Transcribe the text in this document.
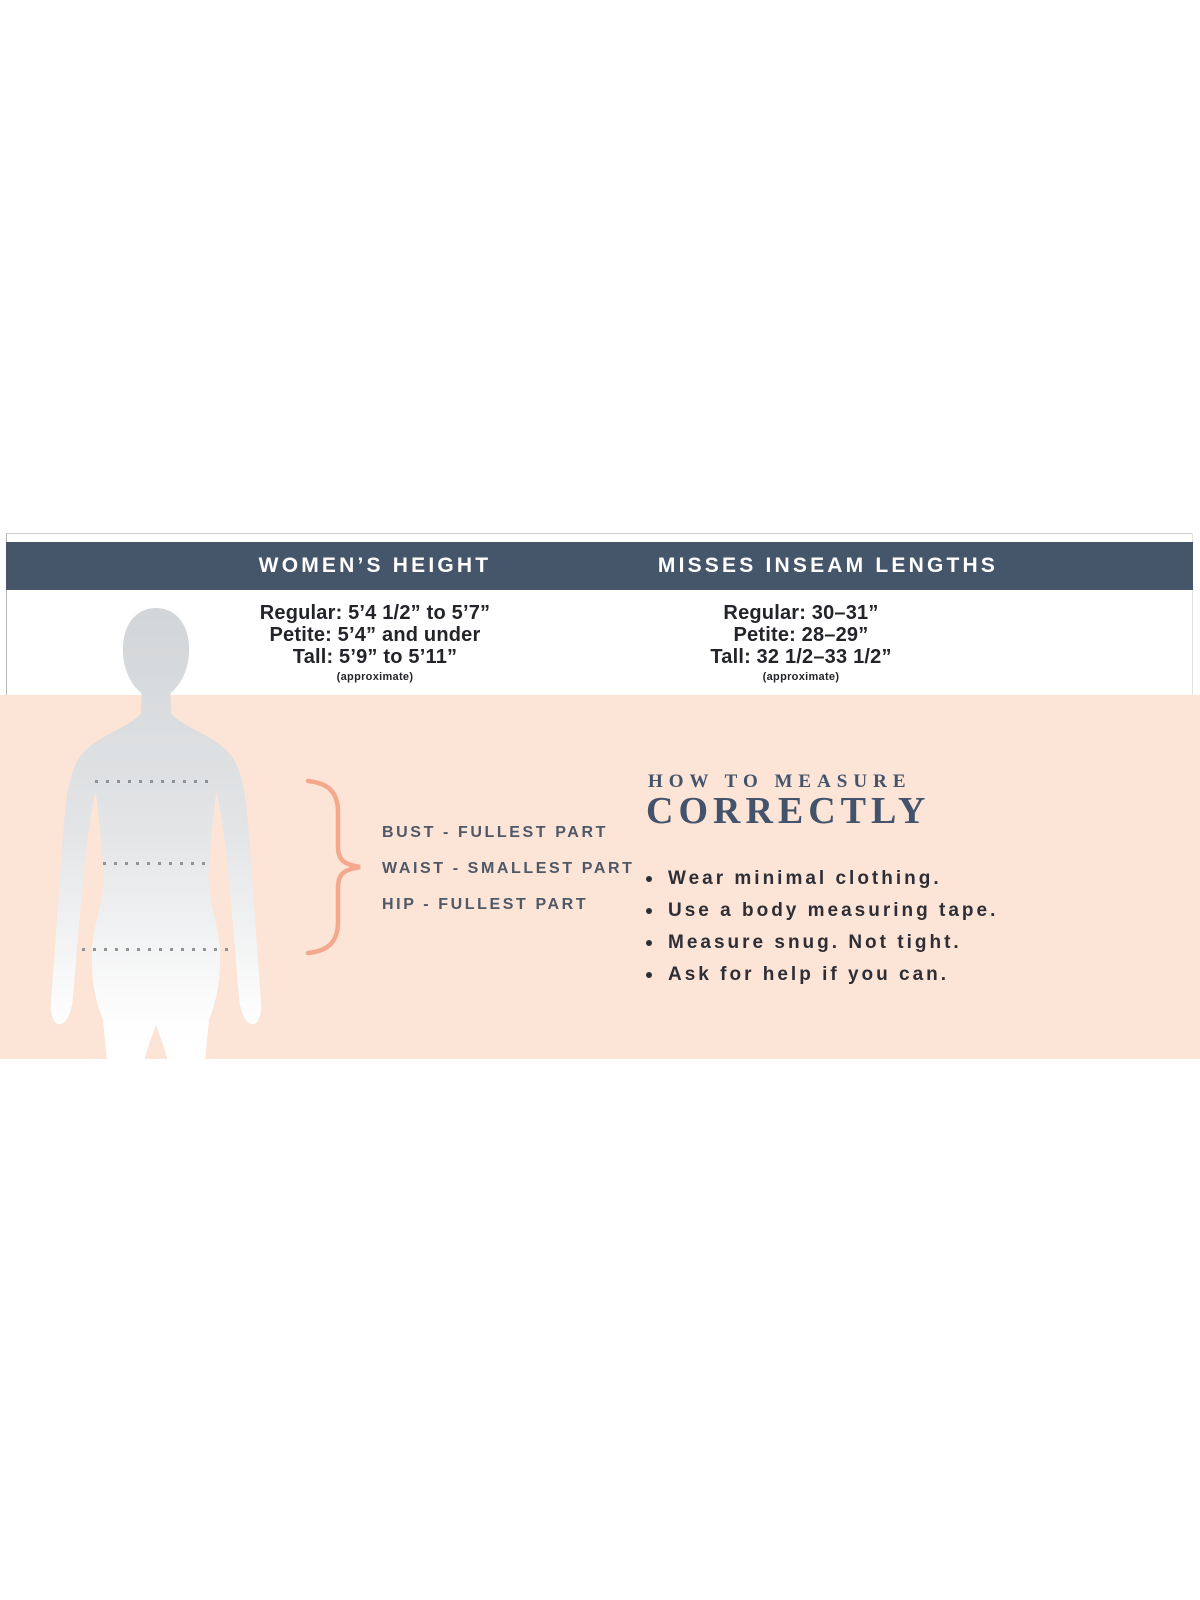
WOMEN’S HEIGHT	MISSES INSEAM LENGTHS
Regular: 5’4 1/2” to 5’7”
Petite: 5’4” and under
Tall: 5’9” to 5’11”
(approximate)
Regular: 30–31”
Petite: 28–29”
Tall: 32 1/2–33 1/2”
(approximate)
BUST - FULLEST PART
WAIST - SMALLEST PART
HIP - FULLEST PART
HOW TO MEASURE
CORRECTLY
Wear minimal clothing.
Use a body measuring tape.
Measure snug. Not tight.
Ask for help if you can.
